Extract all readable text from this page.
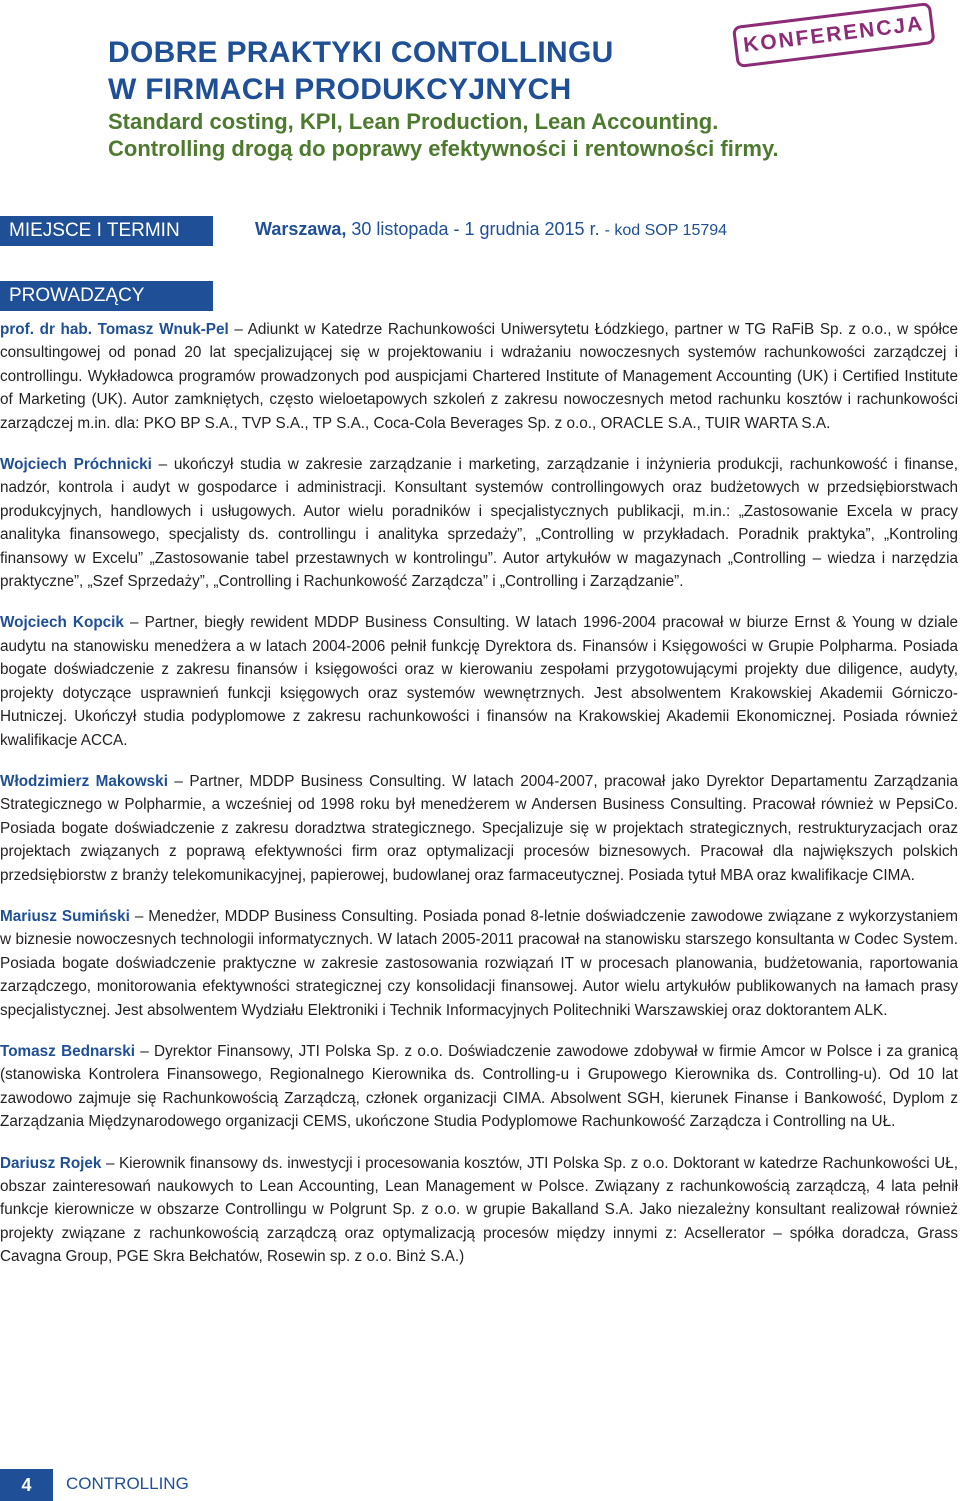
DOBRE PRAKTYKI CONTOLLINGU
W FIRMACH PRODUKCYJNYCH
Standard costing, KPI, Lean Production, Lean Accounting.
Controlling drogą do poprawy efektywności i rentowności firmy.
KONFERENCJA
MIEJSCE I TERMIN	Warszawa, 30 listopada - 1 grudnia 2015 r. - kod SOP 15794
PROWADZĄCY

prof. dr hab. Tomasz Wnuk-Pel – Adiunkt w Katedrze Rachunkowości Uniwersytetu Łódzkiego, partner w TG RaFiB Sp. z o.o., w spółce consultingowej od ponad 20 lat specjalizującej się w projektowaniu i wdrażaniu nowoczesnych systemów rachunkowości zarządczej i controllingu. Wykładowca programów prowadzonych pod auspicjami Chartered Institute of Management Accounting (UK) i Certified Institute of Marketing (UK). Autor zamkniętych, często wieloetapowych szkoleń z zakresu nowoczesnych metod rachunku kosztów i rachunkowości zarządczej m.in. dla: PKO BP S.A., TVP S.A., TP S.A., Coca-Cola Beverages Sp. z o.o., ORACLE S.A., TUIR WARTA S.A.

Wojciech Próchnicki – ukończył studia w zakresie zarządzanie i marketing, zarządzanie i inżynieria produkcji, rachunkowość i finanse, nadzór, kontrola i audyt w gospodarce i administracji. Konsultant systemów controllingowych oraz budżetowych w przedsiębiorstwach produkcyjnych, handlowych i usługowych. Autor wielu poradników i specjalistycznych publikacji, m.in.: „Zastosowanie Excela w pracy analityka finansowego, specjalisty ds. controllingu i analityka sprzedaży”, „Controlling w przykładach. Poradnik praktyka”, „Kontroling finansowy w Excelu” „Zastosowanie tabel przestawnych w kontrolingu”. Autor artykułów w magazynach „Controlling – wiedza i narzędzia praktyczne”, „Szef Sprzedaży”, „Controlling i Rachunkowość Zarządcza” i „Controlling i Zarządzanie”.

Wojciech Kopcik – Partner, biegły rewident MDDP Business Consulting. W latach 1996-2004 pracował w biurze Ernst & Young w dziale audytu na stanowisku menedżera a w latach 2004-2006 pełnił funkcję Dyrektora ds. Finansów i Księgowości w Grupie Polpharma. Posiada bogate doświadczenie z zakresu finansów i księgowości oraz w kierowaniu zespołami przygotowującymi projekty due diligence, audyty, projekty dotyczące usprawnień funkcji księgowych oraz systemów wewnętrznych. Jest absolwentem Krakowskiej Akademii Górniczo-Hutniczej. Ukończył studia podyplomowe z zakresu rachunkowości i finansów na Krakowskiej Akademii Ekonomicznej. Posiada również kwalifikacje ACCA.

Włodzimierz Makowski – Partner, MDDP Business Consulting. W latach 2004-2007, pracował jako Dyrektor Departamentu Zarządzania Strategicznego w Polpharmie, a wcześniej od 1998 roku był menedżerem w Andersen Business Consulting. Pracował również w PepsiCo. Posiada bogate doświadczenie z zakresu doradztwa strategicznego. Specjalizuje się w projektach strategicznych, restrukturyzacjach oraz projektach związanych z poprawą efektywności firm oraz optymalizacji procesów biznesowych. Pracował dla największych polskich przedsiębiorstw z branży telekomunikacyjnej, papierowej, budowlanej oraz farmaceutycznej. Posiada tytuł MBA oraz kwalifikacje CIMA.

Mariusz Sumiński – Menedżer, MDDP Business Consulting. Posiada ponad 8-letnie doświadczenie zawodowe związane z wykorzystaniem w biznesie nowoczesnych technologii informatycznych. W latach 2005-2011 pracował na stanowisku starszego konsultanta w Codec System. Posiada bogate doświadczenie praktyczne w zakresie zastosowania rozwiązań IT w procesach planowania, budżetowania, raportowania zarządczego, monitorowania efektywności strategicznej czy konsolidacji finansowej. Autor wielu artykułów publikowanych na łamach prasy specjalistycznej. Jest absolwentem Wydziału Elektroniki i Technik Informacyjnych Politechniki Warszawskiej oraz doktorantem ALK.

Tomasz Bednarski – Dyrektor Finansowy, JTI Polska Sp. z o.o. Doświadczenie zawodowe zdobywał w firmie Amcor w Polsce i za granicą (stanowiska Kontrolera Finansowego, Regionalnego Kierownika ds. Controlling-u i Grupowego Kierownika ds. Controlling-u). Od 10 lat zawodowo zajmuje się Rachunkowością Zarządczą, członek organizacji CIMA. Absolwent SGH, kierunek Finanse i Bankowość, Dyplom z Zarządzania Międzynarodowego organizacji CEMS, ukończone Studia Podyplomowe Rachunkowość Zarządcza i Controlling na UŁ.

Dariusz Rojek – Kierownik finansowy ds. inwestycji i procesowania kosztów, JTI Polska Sp. z o.o. Doktorant w katedrze Rachunkowości UŁ, obszar zainteresowań naukowych to Lean Accounting, Lean Management w Polsce. Związany z rachunkowością zarządczą, 4 lata pełnił funkcje kierownicze w obszarze Controllingu w Polgrunt Sp. z o.o. w grupie Bakalland S.A. Jako niezależny konsultant realizował również projekty związane z rachunkowością zarządczą oraz optymalizacją procesów między innymi z: Acsellerator – spółka doradcza, Grass Cavagna Group, PGE Skra Bełchatów, Rosewin sp. z o.o. Binż S.A.)

4	CONTROLLING
